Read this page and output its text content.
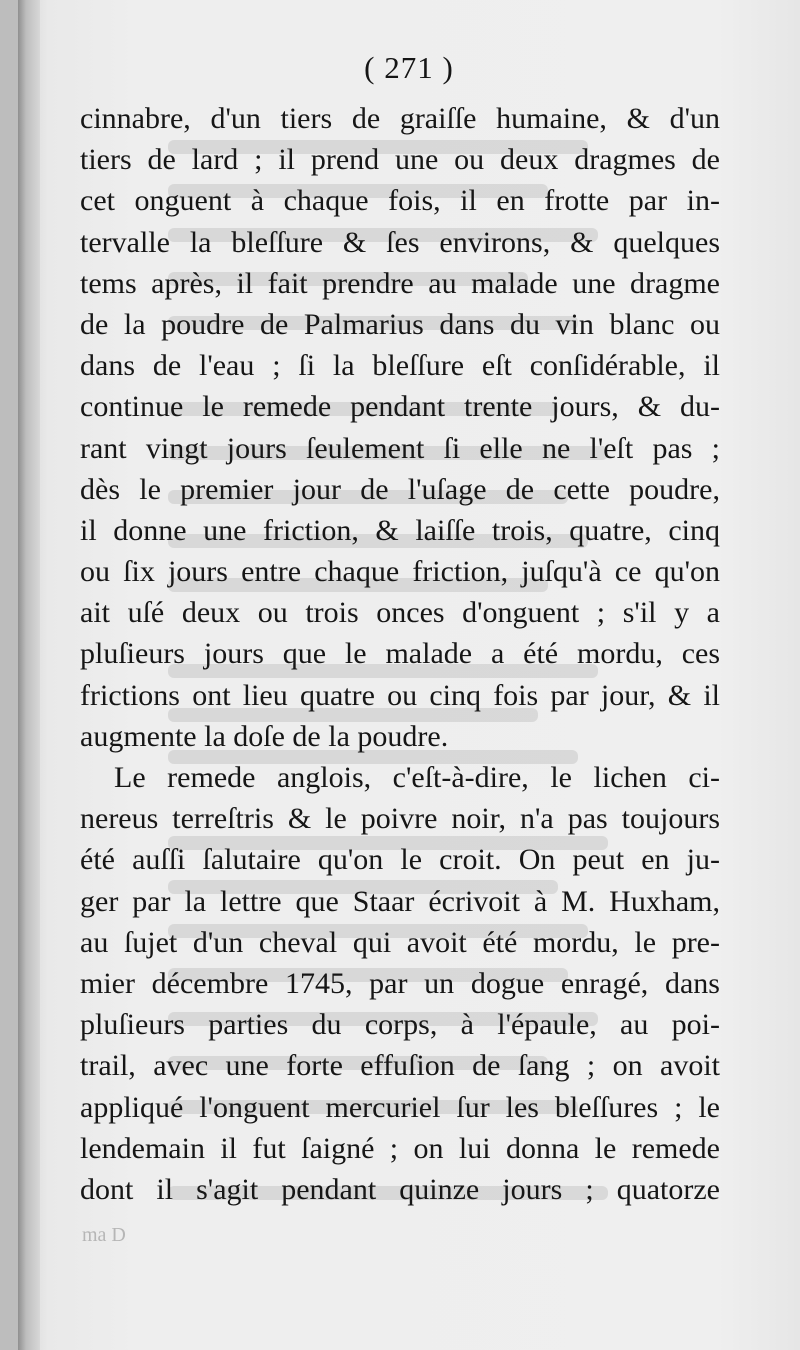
( 271 )
cinnabre, d'un tiers de graiſſe humaine, & d'un
tiers de lard ; il prend une ou deux dragmes de
cet onguent à chaque fois, il en frotte par in-
tervalle la bleſſure & ſes environs, & quelques
tems après, il fait prendre au malade une dragme
de la poudre de Palmarius dans du vin blanc ou
dans de l'eau ; ſi la bleſſure eſt conſidérable, il
continue le remede pendant trente jours, & du-
rant vingt jours ſeulement ſi elle ne l'eſt pas ;
dès le premier jour de l'uſage de cette poudre,
il donne une friction, & laiſſe trois, quatre, cinq
ou ſix jours entre chaque friction, juſqu'à ce qu'on
ait uſé deux ou trois onces d'onguent ; s'il y a
pluſieurs jours que le malade a été mordu, ces
frictions ont lieu quatre ou cinq fois par jour, & il
augmente la doſe de la poudre.
Le remede anglois, c'eſt-à-dire, le lichen ci-
nereus terreſtris & le poivre noir, n'a pas toujours
été auſſi ſalutaire qu'on le croit. On peut en ju-
ger par la lettre que Staar écrivoit à M. Huxham,
au ſujet d'un cheval qui avoit été mordu, le pre-
mier décembre 1745, par un dogue enragé, dans
pluſieurs parties du corps, à l'épaule, au poi-
trail, avec une forte effuſion de ſang ; on avoit
appliqué l'onguent mercuriel ſur les bleſſures ; le
lendemain il fut ſaigné ; on lui donna le remede
dont il s'agit pendant quinze jours ; quatorze
ma D
